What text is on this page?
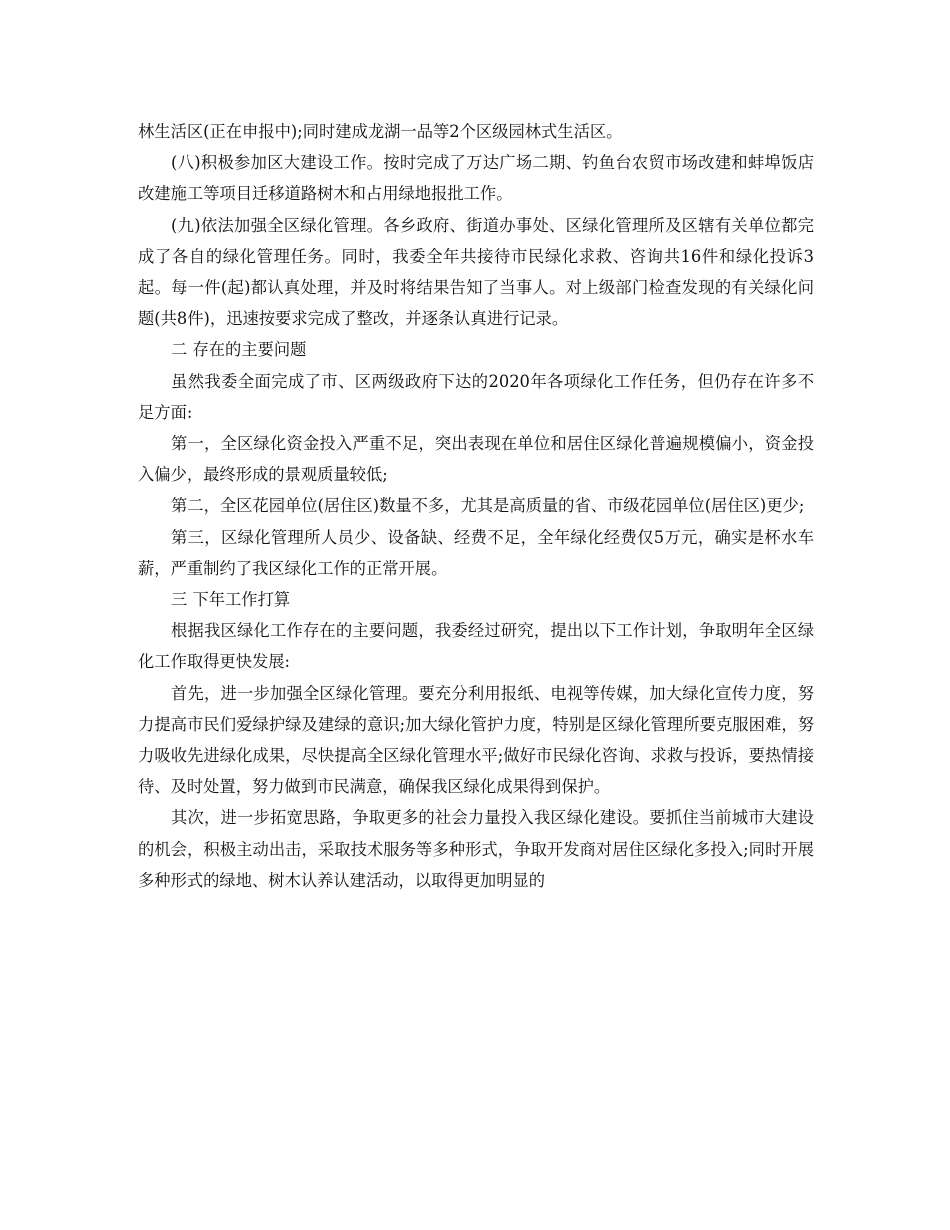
林生活区(正在申报中);同时建成龙湖一品等2个区级园林式生活区。

(八)积极参加区大建设工作。按时完成了万达广场二期、钓鱼台农贸市场改建和蚌埠饭店改建施工等项目迁移道路树木和占用绿地报批工作。

(九)依法加强全区绿化管理。各乡政府、街道办事处、区绿化管理所及区辖有关单位都完成了各自的绿化管理任务。同时，我委全年共接待市民绿化求救、咨询共16件和绿化投诉3起。每一件(起)都认真处理，并及时将结果告知了当事人。对上级部门检查发现的有关绿化问题(共8件)，迅速按要求完成了整改，并逐条认真进行记录。

二 存在的主要问题

虽然我委全面完成了市、区两级政府下达的2020年各项绿化工作任务，但仍存在许多不足方面:

第一，全区绿化资金投入严重不足，突出表现在单位和居住区绿化普遍规模偏小，资金投入偏少，最终形成的景观质量较低;

第二，全区花园单位(居住区)数量不多，尤其是高质量的省、市级花园单位(居住区)更少;

第三，区绿化管理所人员少、设备缺、经费不足，全年绿化经费仅5万元，确实是杯水车薪，严重制约了我区绿化工作的正常开展。

三 下年工作打算

根据我区绿化工作存在的主要问题，我委经过研究，提出以下工作计划，争取明年全区绿化工作取得更快发展:

首先，进一步加强全区绿化管理。要充分利用报纸、电视等传媒，加大绿化宣传力度，努力提高市民们爱绿护绿及建绿的意识;加大绿化管护力度，特别是区绿化管理所要克服困难，努力吸收先进绿化成果，尽快提高全区绿化管理水平;做好市民绿化咨询、求救与投诉，要热情接待、及时处置，努力做到市民满意，确保我区绿化成果得到保护。

其次，进一步拓宽思路，争取更多的社会力量投入我区绿化建设。要抓住当前城市大建设的机会，积极主动出击，采取技术服务等多种形式，争取开发商对居住区绿化多投入;同时开展多种形式的绿地、树木认养认建活动，以取得更加明显的
